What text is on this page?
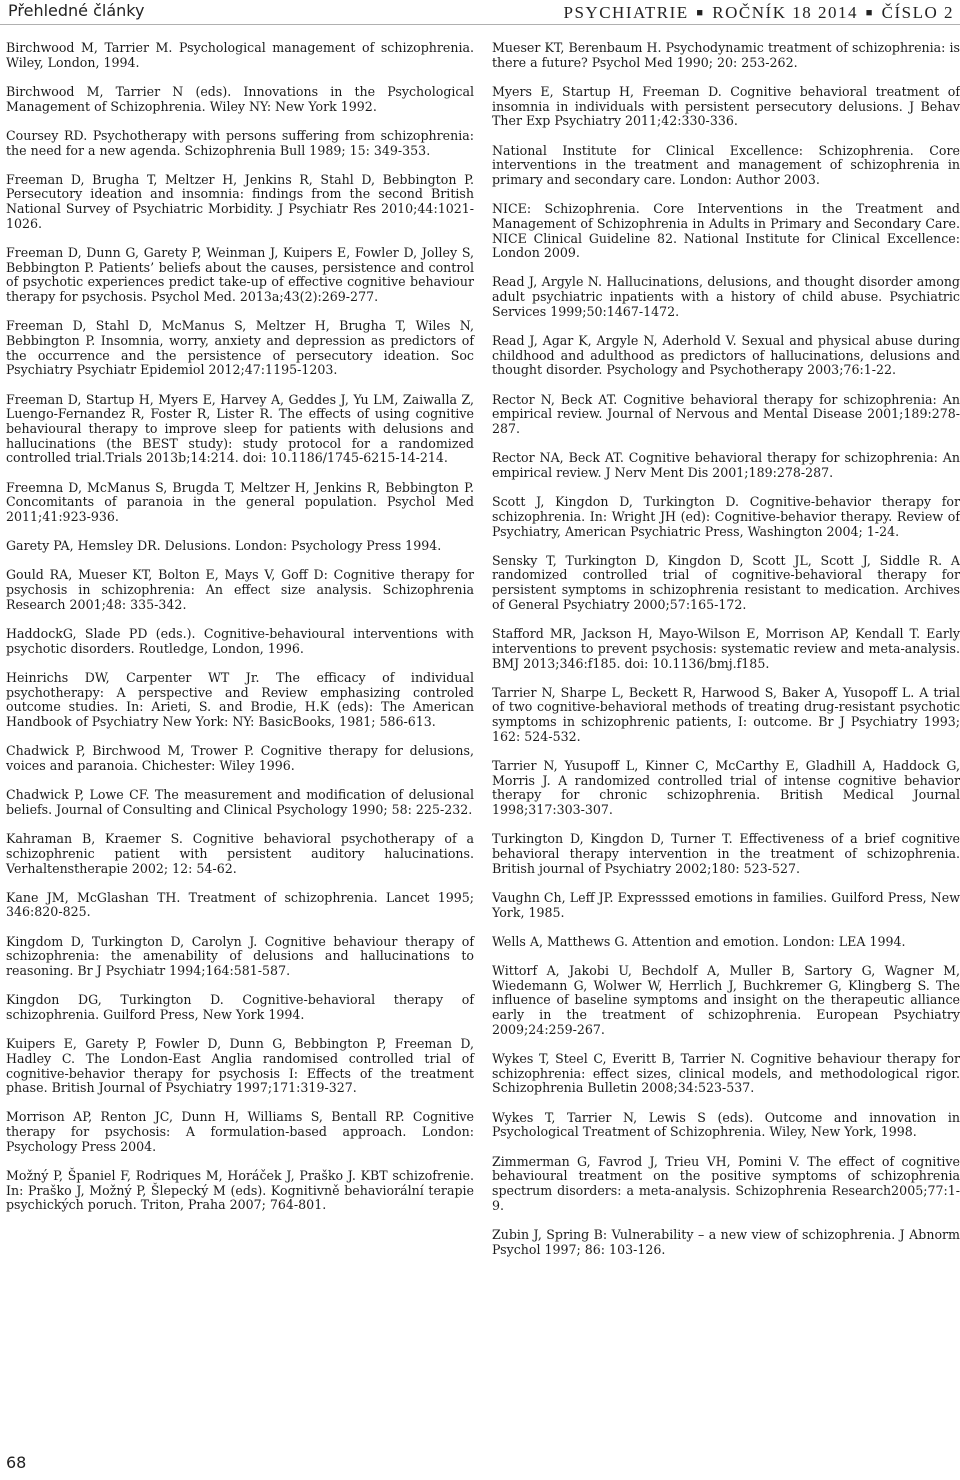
Přehledné články	PSYCHIATRIE ■ ROČNÍK 18 2014 ■ ČÍSLO 2

Birchwood M, Tarrier M. Psychological management of schizophrenia. Wiley, London, 1994.

Birchwood M, Tarrier N (eds). Innovations in the Psychological Management of Schizophrenia. Wiley NY: New York 1992.

Coursey RD. Psychotherapy with persons suffering from schizophrenia: the need for a new agenda. Schizophrenia Bull 1989; 15: 349-353.

Freeman D, Brugha T, Meltzer H, Jenkins R, Stahl D, Bebbington P. Persecutory ideation and insomnia: findings from the second British National Survey of Psychiatric Morbidity. J Psychiatr Res 2010;44:1021-1026.

Freeman D, Dunn G, Garety P, Weinman J, Kuipers E, Fowler D, Jolley S, Bebbington P. Patients’ beliefs about the causes, persistence and control of psychotic experiences predict take-up of effective cognitive behaviour therapy for psychosis. Psychol Med. 2013a;43(2):269-277.

Freeman D, Stahl D, McManus S, Meltzer H, Brugha T, Wiles N, Bebbington P. Insomnia, worry, anxiety and depression as predictors of the occurrence and the persistence of persecutory ideation. Soc Psychiatry Psychiatr Epidemiol 2012;47:1195-1203.

Freeman D, Startup H, Myers E, Harvey A, Geddes J, Yu LM, Zaiwalla Z, Luengo-Fernandez R, Foster R, Lister R. The effects of using cognitive behavioural therapy to improve sleep for patients with delusions and hallucinations (the BEST study): study protocol for a randomized controlled trial.Trials 2013b;14:214. doi: 10.1186/1745-6215-14-214.

Freemna D, McManus S, Brugda T, Meltzer H, Jenkins R, Bebbington P. Concomitants of paranoia in the general population. Psychol Med 2011;41:923-936.

Garety PA, Hemsley DR. Delusions. London: Psychology Press 1994.

Gould RA, Mueser KT, Bolton E, Mays V, Goff D: Cognitive therapy for psychosis in schizophrenia: An effect size analysis. Schizophrenia Research 2001;48: 335-342.

HaddockG, Slade PD (eds.). Cognitive-behavioural interventions with psychotic disorders. Routledge, London, 1996.

Heinrichs DW, Carpenter WT Jr. The efficacy of individual psychotherapy: A perspective and Review emphasizing controled outcome studies. In: Arieti, S. and Brodie, H.K (eds): The American Handbook of Psychiatry New York: NY: BasicBooks, 1981; 586-613.

Chadwick P, Birchwood M, Trower P. Cognitive therapy for delusions, voices and paranoia. Chichester: Wiley 1996.

Chadwick P, Lowe CF. The measurement and modification of delusional beliefs. Journal of Consulting and Clinical Psychology 1990; 58: 225-232.

Kahraman B, Kraemer S. Cognitive behavioral psychotherapy of a schizophrenic patient with persistent auditory halucinations. Verhaltenstherapie 2002; 12: 54-62.

Kane JM, McGlashan TH. Treatment of schizophrenia. Lancet 1995; 346:820-825.

Kingdom D, Turkington D, Carolyn J. Cognitive behaviour therapy of schizophrenia: the amenability of delusions and hallucinations to reasoning. Br J Psychiatr 1994;164:581-587.

Kingdon DG, Turkington D. Cognitive-behavioral therapy of schizophrenia. Guilford Press, New York 1994.

Kuipers E, Garety P, Fowler D, Dunn G, Bebbington P, Freeman D, Hadley C. The London-East Anglia randomised controlled trial of cognitive-behavior therapy for psychosis I: Effects of the treatment phase. British Journal of Psychiatry 1997;171:319-327.

Morrison AP, Renton JC, Dunn H, Williams S, Bentall RP. Cognitive therapy for psychosis: A formulation-based approach. London: Psychology Press 2004.

Možný P, Španiel F, Rodriques M, Horáček J, Praško J. KBT schizofrenie. In: Praško J, Možný P, Šlepecký M (eds). Kognitivně behaviorální terapie psychických poruch. Triton, Praha 2007; 764-801.

Mueser KT, Berenbaum H. Psychodynamic treatment of schizophrenia: is there a future? Psychol Med 1990; 20: 253-262.

Myers E, Startup H, Freeman D. Cognitive behavioral treatment of insomnia in individuals with persistent persecutory delusions. J Behav Ther Exp Psychiatry 2011;42:330-336.

National Institute for Clinical Excellence: Schizophrenia. Core interventions in the treatment and management of schizophrenia in primary and secondary care. London: Author 2003.

NICE: Schizophrenia. Core Interventions in the Treatment and Management of Schizophrenia in Adults in Primary and Secondary Care. NICE Clinical Guideline 82. National Institute for Clinical Excellence: London 2009.

Read J, Argyle N. Hallucinations, delusions, and thought disorder among adult psychiatric inpatients with a history of child abuse. Psychiatric Services 1999;50:1467-1472.

Read J, Agar K, Argyle N, Aderhold V. Sexual and physical abuse during childhood and adulthood as predictors of hallucinations, delusions and thought disorder. Psychology and Psychotherapy 2003;76:1-22.

Rector N, Beck AT. Cognitive behavioral therapy for schizophrenia: An empirical review. Journal of Nervous and Mental Disease 2001;189:278-287.

Rector NA, Beck AT. Cognitive behavioral therapy for schizophrenia: An empirical review. J Nerv Ment Dis 2001;189:278-287.

Scott J, Kingdon D, Turkington D. Cognitive-behavior therapy for schizophrenia. In: Wright JH (ed): Cognitive-behavior therapy. Review of Psychiatry, American Psychiatric Press, Washington 2004; 1-24.

Sensky T, Turkington D, Kingdon D, Scott JL, Scott J, Siddle R. A randomized controlled trial of cognitive-behavioral therapy for persistent symptoms in schizophrenia resistant to medication. Archives of General Psychiatry 2000;57:165-172.

Stafford MR, Jackson H, Mayo-Wilson E, Morrison AP, Kendall T. Early interventions to prevent psychosis: systematic review and meta-analysis. BMJ 2013;346:f185. doi: 10.1136/bmj.f185.

Tarrier N, Sharpe L, Beckett R, Harwood S, Baker A, Yusopoff L. A trial of two cognitive-behavioral methods of treating drug-resistant psychotic symptoms in schizophrenic patients, I: outcome. Br J Psychiatry 1993; 162: 524-532.

Tarrier N, Yusupoff L, Kinner C, McCarthy E, Gladhill A, Haddock G, Morris J. A randomized controlled trial of intense cognitive behavior therapy for chronic schizophrenia. British Medical Journal 1998;317:303-307.

Turkington D, Kingdon D, Turner T. Effectiveness of a brief cognitive behavioral therapy intervention in the treatment of schizophrenia. British journal of Psychiatry 2002;180: 523-527.

Vaughn Ch, Leff JP. Expresssed emotions in families. Guilford Press, New York, 1985.

Wells A, Matthews G. Attention and emotion. London: LEA 1994.

Wittorf A, Jakobi U, Bechdolf A, Muller B, Sartory G, Wagner M, Wiedemann G, Wolwer W, Herrlich J, Buchkremer G, Klingberg S. The influence of baseline symptoms and insight on the therapeutic alliance early in the treatment of schizophrenia. European Psychiatry 2009;24:259-267.

Wykes T, Steel C, Everitt B, Tarrier N. Cognitive behaviour therapy for schizophrenia: effect sizes, clinical models, and methodological rigor. Schizophrenia Bulletin 2008;34:523-537.

Wykes T, Tarrier N, Lewis S (eds). Outcome and innovation in Psychological Treatment of Schizophrenia. Wiley, New York, 1998.

Zimmerman G, Favrod J, Trieu VH, Pomini V. The effect of cognitive behavioural treatment on the positive symptoms of schizophrenia spectrum disorders: a meta-analysis. Schizophrenia Research2005;77:1-9.

Zubin J, Spring B: Vulnerability – a new view of schizophrenia. J Abnorm Psychol 1997; 86: 103-126.

68
